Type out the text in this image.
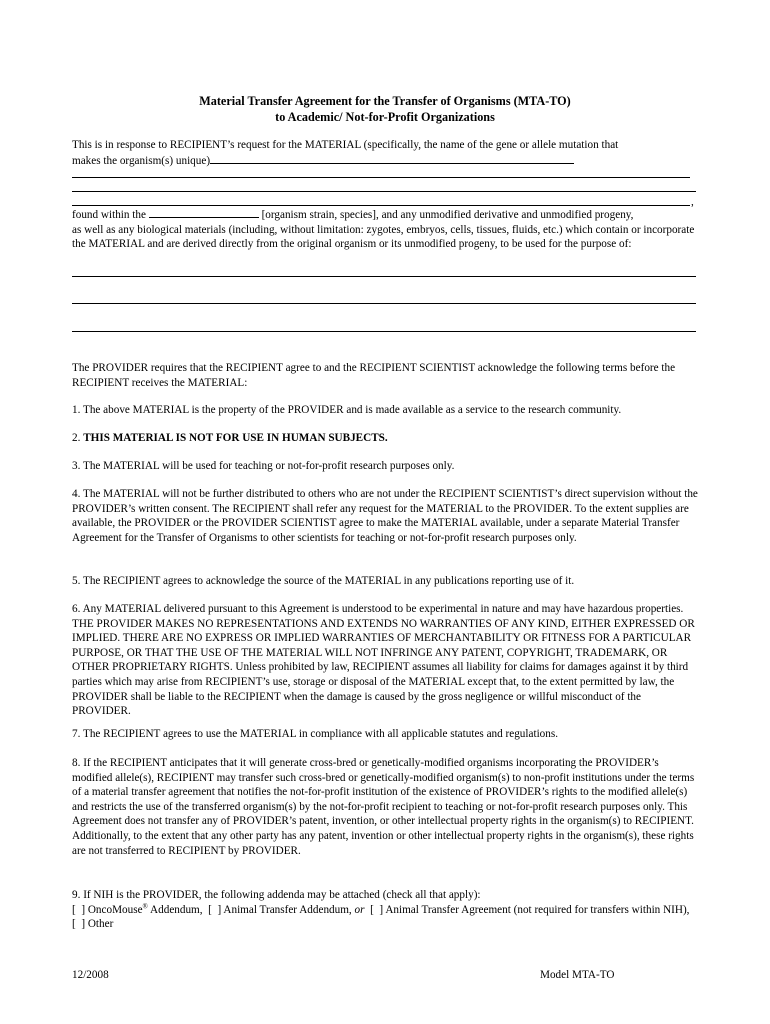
Material Transfer Agreement for the Transfer of Organisms (MTA-TO)
to Academic/ Not-for-Profit Organizations
This is in response to RECIPIENT’s request for the MATERIAL (specifically, the name of the gene or allele mutation that
makes the organism(s) unique)
,
found within the	[organism strain, species], and any unmodified derivative and unmodified progeny,
as well as any biological materials (including, without limitation: zygotes, embryos, cells, tissues, fluids, etc.) which contain or incorporate the MATERIAL and are derived directly from the original organism or its unmodified progeny, to be used for the purpose of:
The PROVIDER requires that the RECIPIENT agree to and the RECIPIENT SCIENTIST acknowledge the following terms before the RECIPIENT receives the MATERIAL:
1. The above MATERIAL is the property of the PROVIDER and is made available as a service to the research community.
2. THIS MATERIAL IS NOT FOR USE IN HUMAN SUBJECTS.
3. The MATERIAL will be used for teaching or not-for-profit research purposes only.
4. The MATERIAL will not be further distributed to others who are not under the RECIPIENT SCIENTIST’s direct supervision without the PROVIDER’s written consent. The RECIPIENT shall refer any request for the MATERIAL to the PROVIDER. To the extent supplies are available, the PROVIDER or the PROVIDER SCIENTIST agree to make the MATERIAL available, under a separate Material Transfer Agreement for the Transfer of Organisms to other scientists for teaching or not-for-profit research purposes only.
5. The RECIPIENT agrees to acknowledge the source of the MATERIAL in any publications reporting use of it.
6. Any MATERIAL delivered pursuant to this Agreement is understood to be experimental in nature and may have hazardous properties. THE PROVIDER MAKES NO REPRESENTATIONS AND EXTENDS NO WARRANTIES OF ANY KIND, EITHER EXPRESSED OR IMPLIED. THERE ARE NO EXPRESS OR IMPLIED WARRANTIES OF MERCHANTABILITY OR FITNESS FOR A PARTICULAR PURPOSE, OR THAT THE USE OF THE MATERIAL WILL NOT INFRINGE ANY PATENT, COPYRIGHT, TRADEMARK, OR OTHER PROPRIETARY RIGHTS. Unless prohibited by law, RECIPIENT assumes all liability for claims for damages against it by third parties which may arise from RECIPIENT’s use, storage or disposal of the MATERIAL except that, to the extent permitted by law, the PROVIDER shall be liable to the RECIPIENT when the damage is caused by the gross negligence or willful misconduct of the PROVIDER.
7. The RECIPIENT agrees to use the MATERIAL in compliance with all applicable statutes and regulations.
8. If the RECIPIENT anticipates that it will generate cross-bred or genetically-modified organisms incorporating the PROVIDER’s modified allele(s), RECIPIENT may transfer such cross-bred or genetically-modified organism(s) to non-profit institutions under the terms of a material transfer agreement that notifies the not-for-profit institution of the existence of PROVIDER’s rights to the modified allele(s) and restricts the use of the transferred organism(s) by the not-for-profit recipient to teaching or not-for-profit research purposes only. This Agreement does not transfer any of PROVIDER’s patent, invention, or other intellectual property rights in the organism(s) to RECIPIENT. Additionally, to the extent that any other party has any patent, invention or other intellectual property rights in the organism(s), these rights are not transferred to RECIPIENT by PROVIDER.
9. If NIH is the PROVIDER, the following addenda may be attached (check all that apply):
[  ] OncoMouse® Addendum, [  ] Animal Transfer Addendum, or [  ] Animal Transfer Agreement (not required for transfers within NIH),  [  ] Other
12/2008	Model MTA-TO
